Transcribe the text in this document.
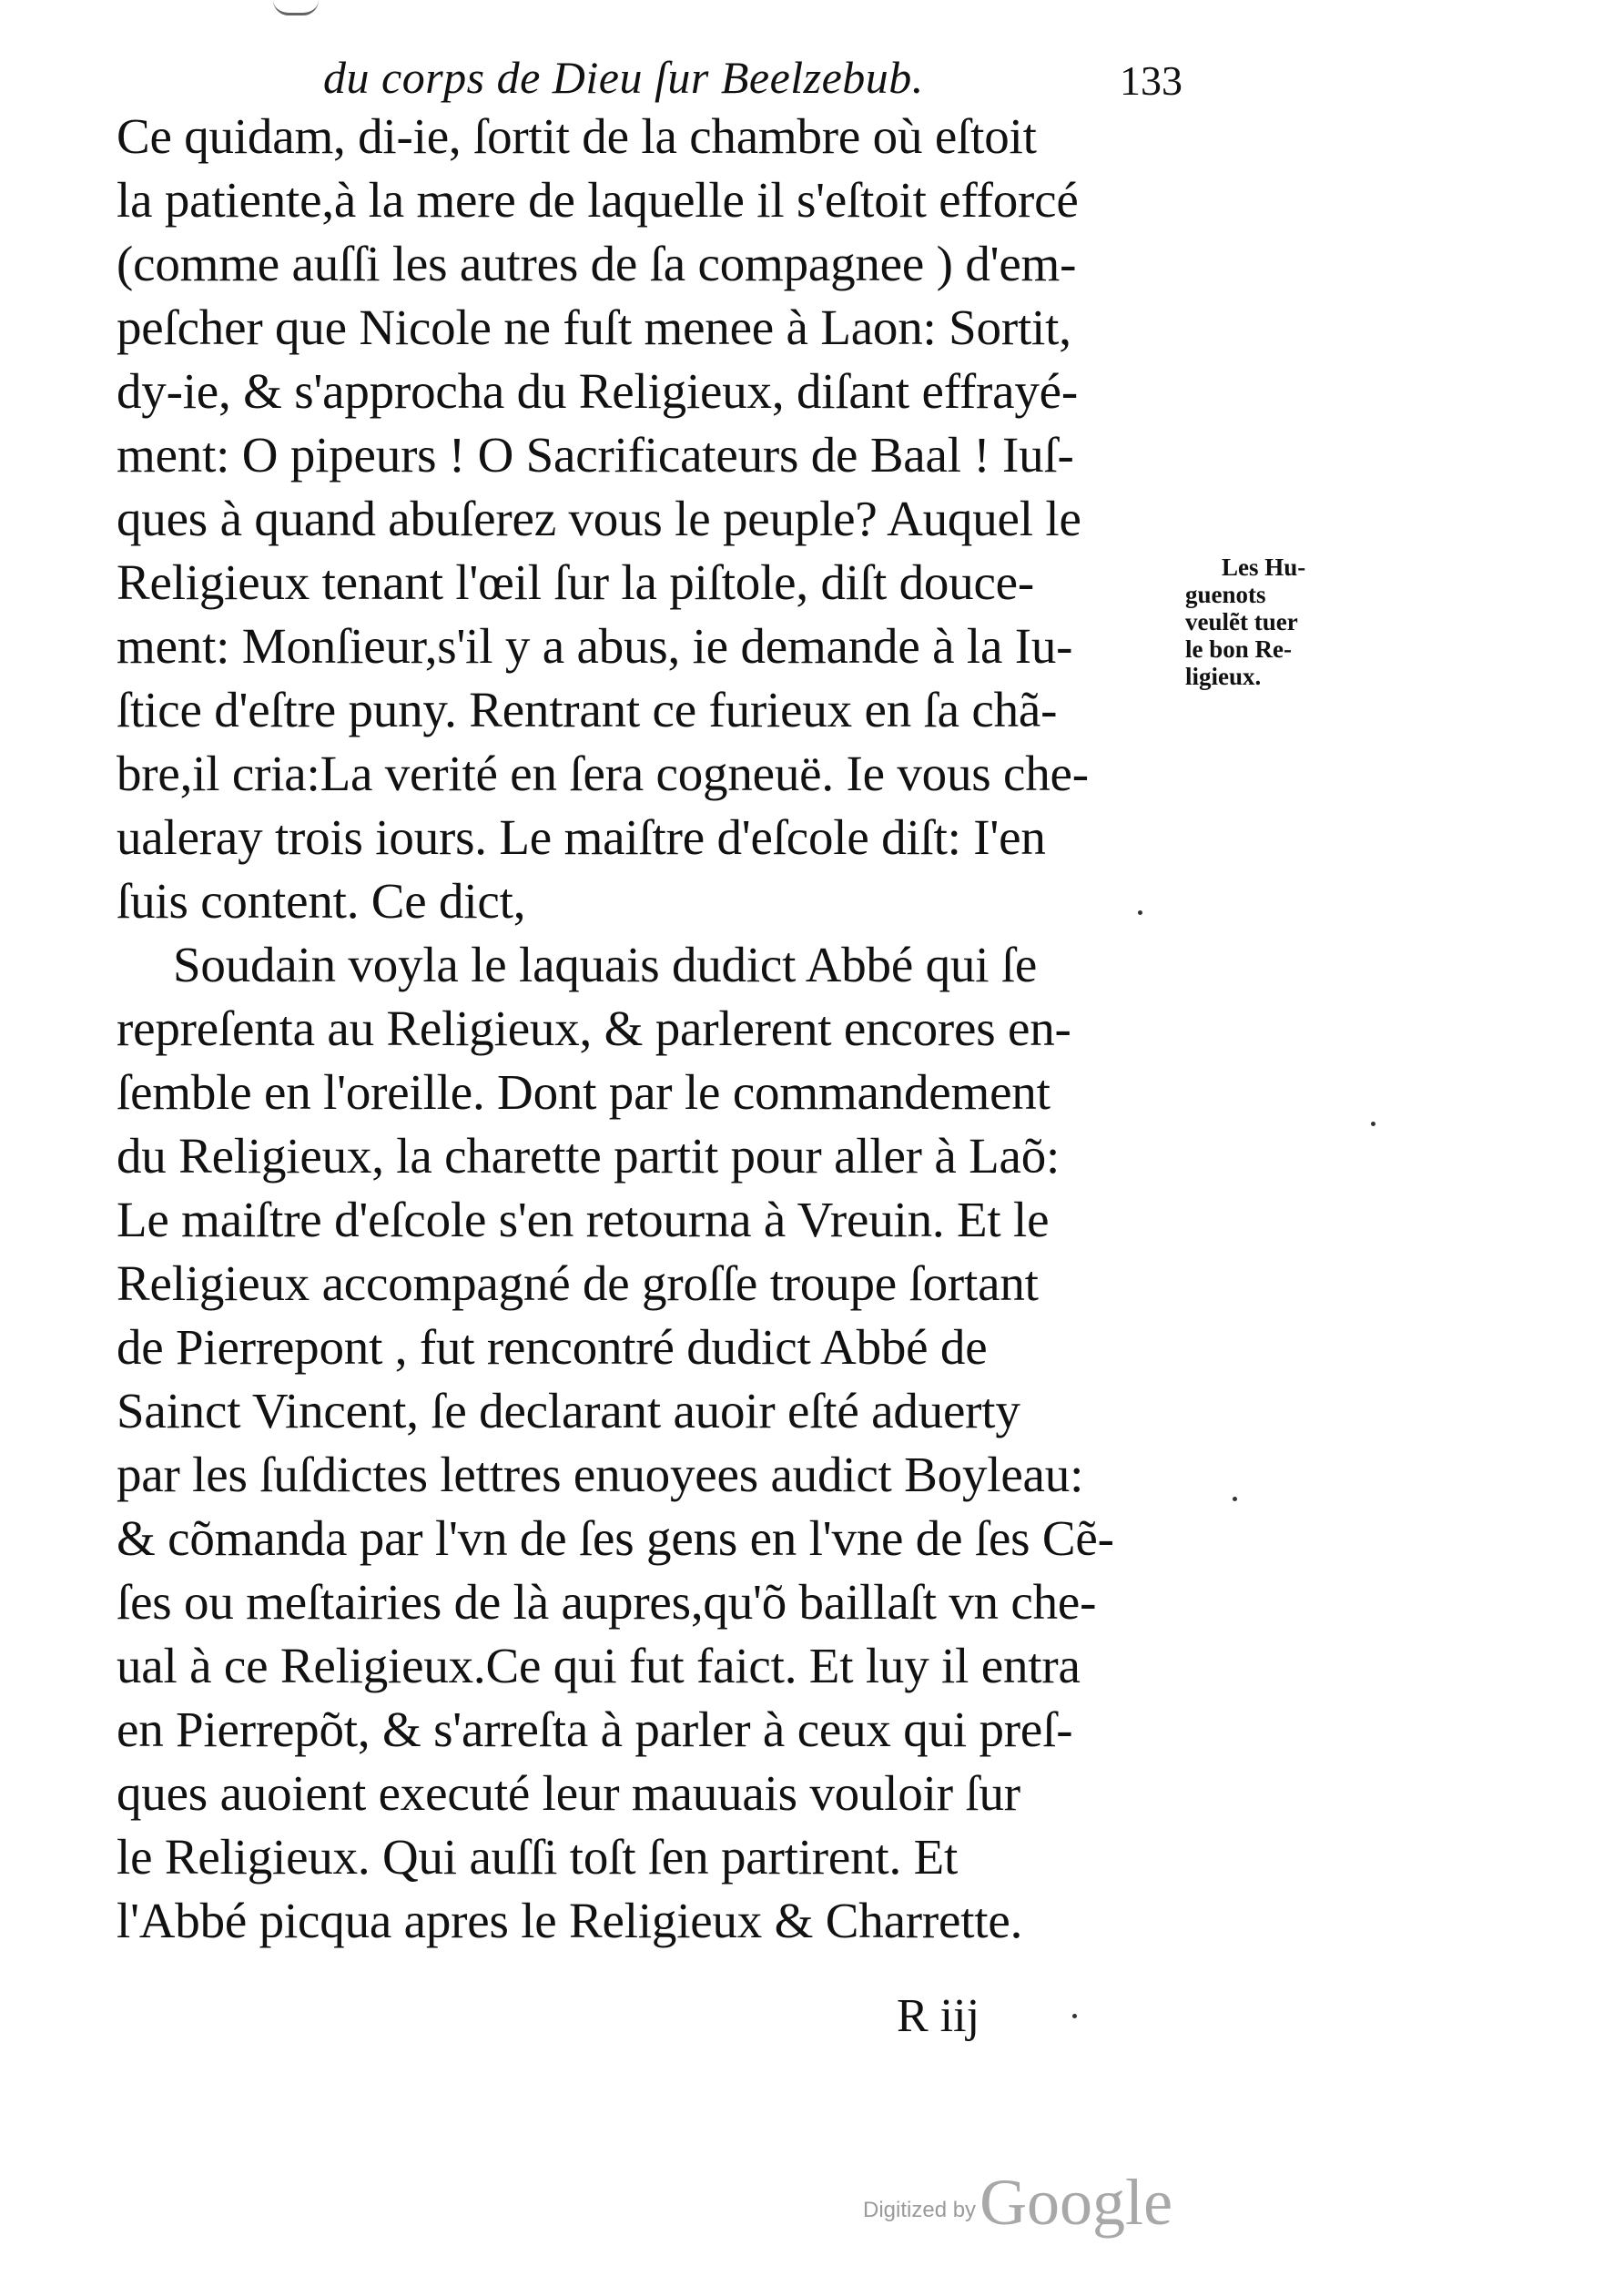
du corps de Dieu ſur Beelzebub.	133
Ce quidam, di-ie, ſortit de la chambre où eſtoit
la patiente,à la mere de laquelle il s'eſtoit efforcé
(comme auſſi les autres de ſa compagnee ) d'em-
peſcher que Nicole ne fuſt menee à Laon: Sortit,
dy-ie, & s'approcha du Religieux, diſant effrayé-
ment: O pipeurs ! O Sacrificateurs de Baal ! Iuſ-
ques à quand abuſerez vous le peuple? Auquel le
Religieux tenant l'œil ſur la piſtole, diſt douce-
ment: Monſieur,s'il y a abus, ie demande à la Iu-
ſtice d'eſtre puny. Rentrant ce furieux en ſa chã-
bre,il cria:La verité en ſera cogneuë. Ie vous che-
ualeray trois iours. Le maiſtre d'eſcole diſt: I'en
ſuis content. Ce dict,
Soudain voyla le laquais dudict Abbé qui ſe
repreſenta au Religieux, & parlerent encores en-
ſemble en l'oreille. Dont par le commandement
du Religieux, la charette partit pour aller à Laõ:
Le maiſtre d'eſcole s'en retourna à Vreuin. Et le
Religieux accompagné de groſſe troupe ſortant
de Pierrepont , fut rencontré dudict Abbé de
Sainct Vincent, ſe declarant auoir eſté aduerty
par les ſuſdictes lettres enuoyees audict Boyleau:
& cõmanda par l'vn de ſes gens en l'vne de ſes Cẽ-
ſes ou meſtairies de là aupres,qu'õ baillaſt vn che-
ual à ce Religieux.Ce qui fut faict. Et luy il entra
en Pierrepõt, & s'arreſta à parler à ceux qui preſ-
ques auoient executé leur mauuais vouloir ſur
le Religieux. Qui auſſi toſt ſen partirent. Et
l'Abbé picqua apres le Religieux & Charrette.
Les Hu-
guenots
veulẽt tuer
le bon Re-
ligieux.
R iij
Digitized by Google
